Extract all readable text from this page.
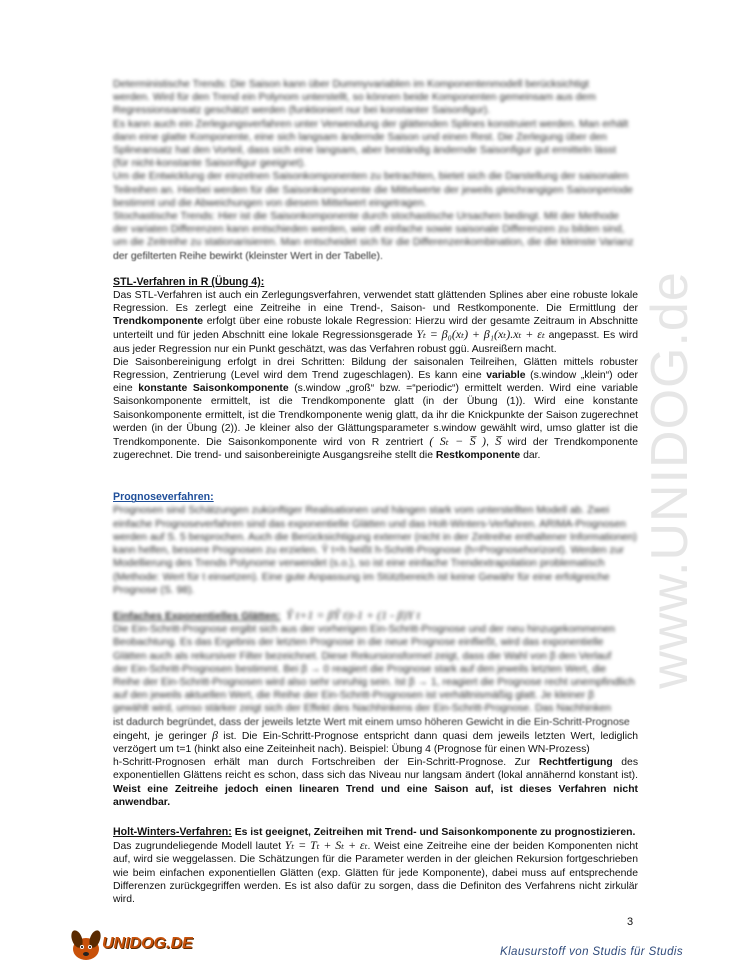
www.UNIDOG.de
Deterministische Trends: Die Saison kann über Dummyvariablen im Komponentenmodell berücksichtigt
werden. Wird für den Trend ein Polynom unterstellt, so können beide Komponenten gemeinsam aus dem
Regressionsansatz geschätzt werden (funktioniert nur bei konstanter Saisonfigur).
Es kann auch ein Zerlegungsverfahren unter Verwendung der glättenden Splines konstruiert werden. Man erhält
dann eine glatte Komponente, eine sich langsam ändernde Saison und einen Rest. Die Zerlegung über den
Splineansatz hat den Vorteil, dass sich eine langsam, aber beständig ändernde Saisonfigur gut ermitteln lässt
(für nicht-konstante Saisonfigur geeignet).
Um die Entwicklung der einzelnen Saisonkomponenten zu betrachten, bietet sich die Darstellung der saisonalen
Teilreihen an. Hierbei werden für die Saisonkomponente die Mittelwerte der jeweils gleichrangigen Saisonperiode
bestimmt und die Abweichungen von diesem Mittelwert eingetragen.
Stochastische Trends: Hier ist die Saisonkomponente durch stochastische Ursachen bedingt. Mit der Methode
der variaten Differenzen kann entschieden werden, wie oft einfache sowie saisonale Differenzen zu bilden sind,
um die Zeitreihe zu stationarisieren. Man entscheidet sich für die Differenzenkombination, die die kleinste Varianz
der gefilterten Reihe bewirkt (kleinster Wert in der Tabelle).
STL-Verfahren in R (Übung 4):

Das STL-Verfahren ist auch ein Zerlegungsverfahren, verwendet statt glättenden Splines aber eine robuste lokale Regression. Es zerlegt eine Zeitreihe in eine Trend-, Saison- und Restkomponente. Die Ermittlung der Trendkomponente erfolgt über eine robuste lokale Regression: Hierzu wird der gesamte Zeitraum in Abschnitte unterteilt und für jeden Abschnitt eine lokale Regressionsgerade Yₜ = β₀(xₜ) + β₁(xₜ).xₜ + εₜ angepasst. Es wird aus jeder Regression nur ein Punkt geschätzt, was das Verfahren robust ggü. Ausreißern macht.

Die Saisonbereinigung erfolgt in drei Schritten: Bildung der saisonalen Teilreihen, Glätten mittels robuster Regression, Zentrierung (Level wird dem Trend zugeschlagen). Es kann eine variable (s.window „klein“) oder eine konstante Saisonkomponente (s.window „groß“ bzw. =“periodic“) ermittelt werden. Wird eine variable Saisonkomponente ermittelt, ist die Trendkomponente glatt (in der Übung (1)). Wird eine konstante Saisonkomponente ermittelt, ist die Trendkomponente wenig glatt, da ihr die Knickpunkte der Saison zugerechnet werden (in der Übung (2)). Je kleiner also der Glättungsparameter s.window gewählt wird, umso glatter ist die Trendkomponente. Die Saisonkomponente wird von R zentriert ( Sₜ − S̅ ), S̅ wird der Trendkomponente zugerechnet. Die trend- und saisonbereinigte Ausgangsreihe stellt die Restkomponente dar.

Prognoseverfahren:
Prognosen sind Schätzungen zukünftiger Realisationen und hängen stark vom unterstellten Modell ab. Zwei
einfache Prognoseverfahren sind das exponentielle Glätten und das Holt-Winters-Verfahren. ARIMA-Prognosen
werden auf S. 5 besprochen. Auch die Berücksichtigung externer (nicht in der Zeitreihe enthaltener Informationen)
kann helfen, bessere Prognosen zu erzielen. Ŷ t+h heißt h-Schritt-Prognose (h=Prognosehorizont). Werden zur
Modellierung des Trends Polynome verwendet (s.o.), so ist eine einfache Trendextrapolation problematisch
(Methode: Wert für t einsetzen). Eine gute Anpassung im Stützbereich ist keine Gewähr für eine erfolgreiche
Prognose (S. 98).
Einfaches Exponentielles Glätten: Ŷ t+1 = βŶ t|t-1 + (1 - β)Y t
Die Ein-Schritt-Prognose ergibt sich aus der vorherigen Ein-Schritt-Prognose und der neu hinzugekommenen
Beobachtung. Es das Ergebnis der letzten Prognose in die neue Prognose einfließt, wird das exponentielle
Glätten auch als rekursiver Filter bezeichnet. Diese Rekursionsformel zeigt, dass die Wahl von β den Verlauf
der Ein-Schritt-Prognosen bestimmt. Bei β → 0 reagiert die Prognose stark auf den jeweils letzten Wert, die
Reihe der Ein-Schritt-Prognosen wird also sehr unruhig sein. Ist β → 1, reagiert die Prognose recht unempfindlich
auf den jeweils aktuellen Wert, die Reihe der Ein-Schritt-Prognosen ist verhältnismäßig glatt. Je kleiner β
gewählt wird, umso stärker zeigt sich der Effekt des Nachhinkens der Ein-Schritt-Prognose. Das Nachhinken
ist dadurch begründet, dass der jeweils letzte Wert mit einem umso höheren Gewicht in die Ein-Schritt-Prognose

eingeht, je geringer β ist. Die Ein-Schritt-Prognose entspricht dann quasi dem jeweils letzten Wert, lediglich verzögert um t=1 (hinkt also eine Zeiteinheit nach). Beispiel: Übung 4 (Prognose für einen WN-Prozess)

h-Schritt-Prognosen erhält man durch Fortschreiben der Ein-Schritt-Prognose. Zur Rechtfertigung des exponentiellen Glättens reicht es schon, dass sich das Niveau nur langsam ändert (lokal annähernd konstant ist). Weist eine Zeitreihe jedoch einen linearen Trend und eine Saison auf, ist dieses Verfahren nicht anwendbar.

Holt-Winters-Verfahren: Es ist geeignet, Zeitreihen mit Trend- und Saisonkomponente zu prognostizieren.

Das zugrundeliegende Modell lautet Yₜ = Tₜ + Sₜ + εₜ. Weist eine Zeitreihe eine der beiden Komponenten nicht auf, wird sie weggelassen. Die Schätzungen für die Parameter werden in der gleichen Rekursion fortgeschrieben wie beim einfachen exponentiellen Glätten (exp. Glätten für jede Komponente), dabei muss auf entsprechende Differenzen zurückgegriffen werden. Es ist also dafür zu sorgen, dass die Definiton des Verfahrens nicht zirkulär wird.

3
UNIDOG.DE	Klausurstoff von Studis für Studis
